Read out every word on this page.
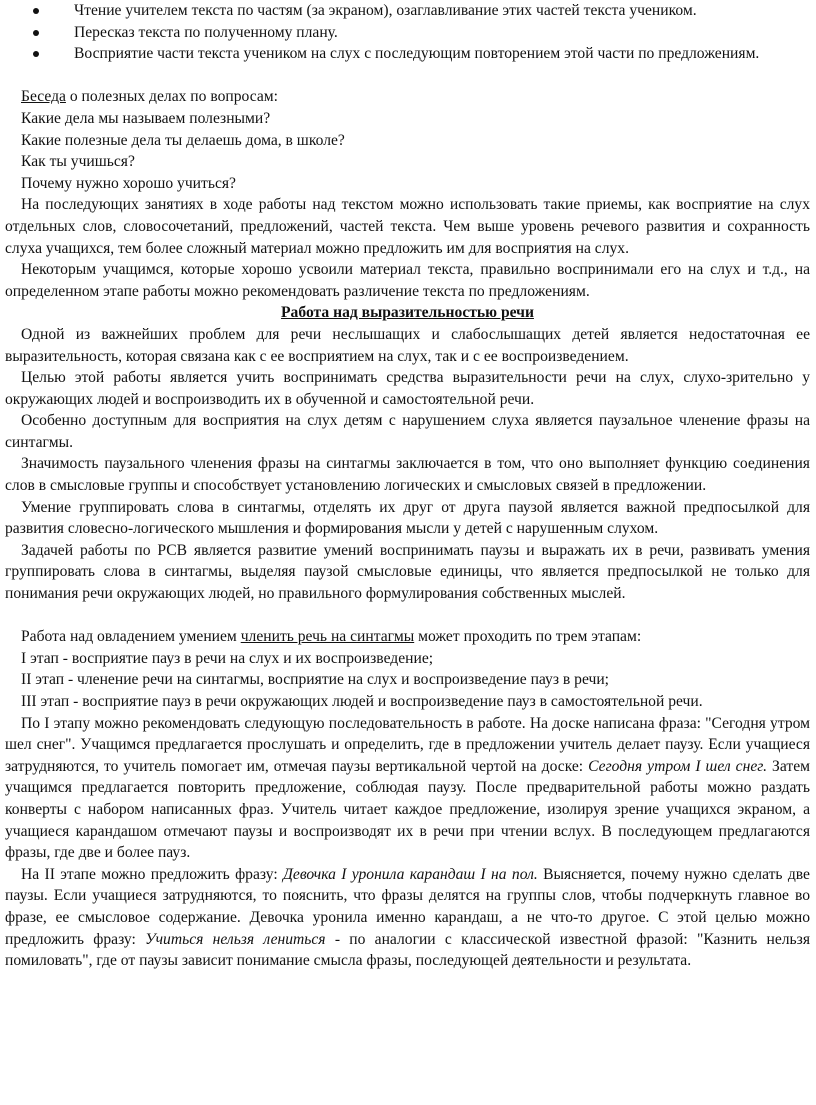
Чтение учителем текста по частям (за экраном), озаглавливание этих частей текста учеником.
Пересказ текста по полученному плану.
Восприятие части текста учеником на слух с последующим повторением этой части по предложениям.

Беседа о полезных делах по вопросам:

Какие дела мы называем полезными?

Какие полезные дела ты делаешь дома, в школе?

Как ты учишься?

Почему нужно хорошо учиться?

На последующих занятиях в ходе работы над текстом можно использовать такие приемы, как восприятие на слух отдельных слов, словосочетаний, предложений, частей текста. Чем выше уровень речевого развития и сохранность слуха учащихся, тем более сложный материал можно предложить им для восприятия на слух.

Некоторым учащимся, которые хорошо усвоили материал текста, правильно воспринимали его на слух и т.д., на определенном этапе работы можно рекомендовать различение текста по предложениям.

Работа над выразительностью речи

Одной из важнейших проблем для речи неслышащих и слабослышащих детей является недостаточная ее выразительность, которая связана как с ее восприятием на слух, так и с ее воспроизведением.

Целью этой работы является учить воспринимать средства выразительности речи на слух, слухо-зрительно у окружающих людей и воспроизводить их в обученной и самостоятельной речи.

Особенно доступным для восприятия на слух детям с нарушением слуха является паузальное членение фразы на синтагмы.

Значимость паузального членения фразы на синтагмы заключается в том, что оно выполняет функцию соединения слов в смысловые группы и способствует установлению логических и смысловых связей в предложении.

Умение группировать слова в синтагмы, отделять их друг от друга паузой является важной предпосылкой для развития словесно-логического мышления и формирования мысли у детей с нарушенным слухом.

Задачей работы по РСВ является развитие умений воспринимать паузы и выражать их в речи, развивать умения группировать слова в синтагмы, выделяя паузой смысловые единицы, что является предпосылкой не только для понимания речи окружающих людей, но правильного формулирования собственных мыслей.

Работа над овладением умением членить речь на синтагмы может проходить по трем этапам:

I этап - восприятие пауз в речи на слух и их воспроизведение;

II этап - членение речи на синтагмы, восприятие на слух и воспроизведение пауз в речи;

III этап - восприятие пауз в речи окружающих людей и воспроизведение пауз в самостоятельной речи.

По I этапу можно рекомендовать следующую последовательность в работе. На доске написана фраза: "Сегодня утром шел снег". Учащимся предлагается прослушать и определить, где в предложении учитель делает паузу. Если учащиеся затрудняются, то учитель помогает им, отмечая паузы вертикальной чертой на доске: Сегодня утром I шел снег. Затем учащимся предлагается повторить предложение, соблюдая паузу. После предварительной работы можно раздать конверты с набором написанных фраз. Учитель читает каждое предложение, изолируя зрение учащихся экраном, а учащиеся карандашом отмечают паузы и воспроизводят их в речи при чтении вслух. В последующем предлагаются фразы, где две и более пауз.

На II этапе можно предложить фразу: Девочка I уронила карандаш I на пол. Выясняется, почему нужно сделать две паузы. Если учащиеся затрудняются, то пояснить, что фразы делятся на группы слов, чтобы подчеркнуть главное во фразе, ее смысловое содержание. Девочка уронила именно карандаш, а не что-то другое. С этой целью можно предложить фразу: Учиться нельзя лениться - по аналогии с классической известной фразой: "Казнить нельзя помиловать", где от паузы зависит понимание смысла фразы, последующей деятельности и результата.
